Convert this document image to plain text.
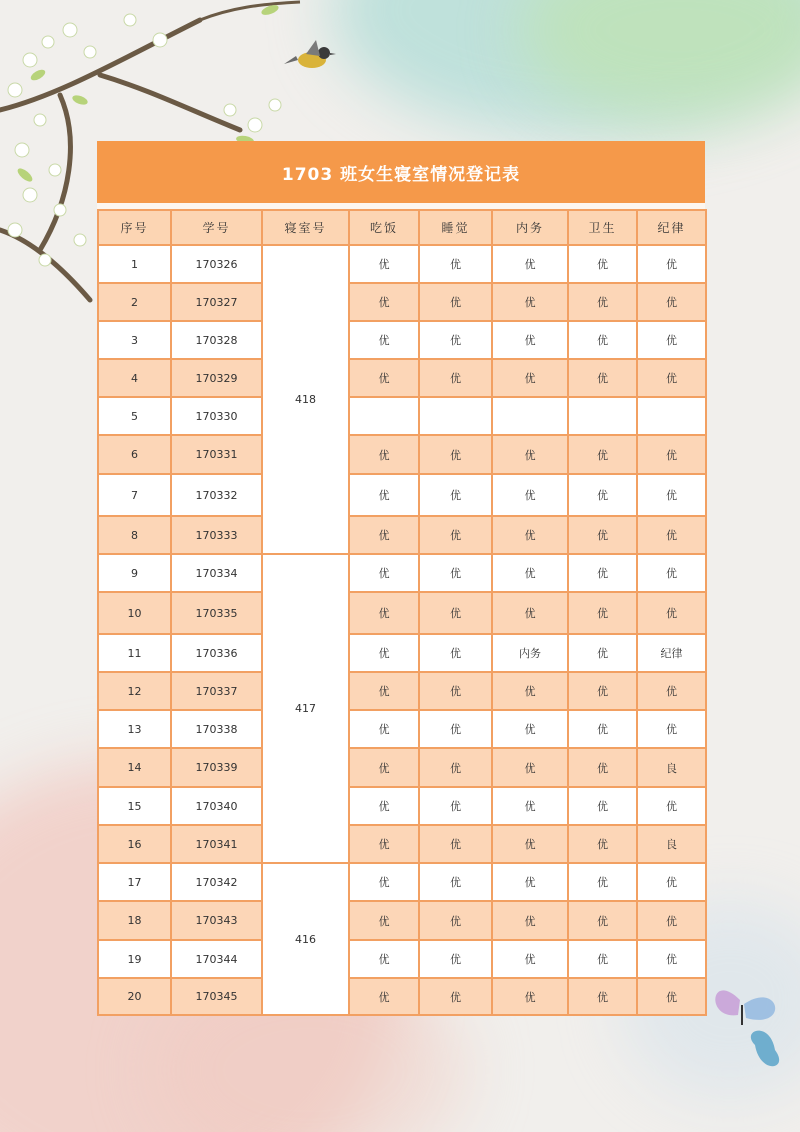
1703 班女生寝室情况登记表
序号	学号	寝室号	吃饭	睡觉	内务	卫生	纪律
1	170326	418	优	优	优	优	优
2	170327		优	优	优	优	优
3	170328		优	优	优	优	优
4	170329		优	优	优	优	优
5	170330						
6	170331		优	优	优	优	优
7	170332		优	优	优	优	优
8	170333		优	优	优	优	优
9	170334	417	优	优	优	优	优
10	170335		优	优	优	优	优
11	170336		优	优	内务	优	纪律
12	170337		优	优	优	优	优
13	170338		优	优	优	优	优
14	170339		优	优	优	优	良
15	170340		优	优	优	优	优
16	170341		优	优	优	优	良
17	170342	416	优	优	优	优	优
18	170343		优	优	优	优	优
19	170344		优	优	优	优	优
20	170345		优	优	优	优	优
